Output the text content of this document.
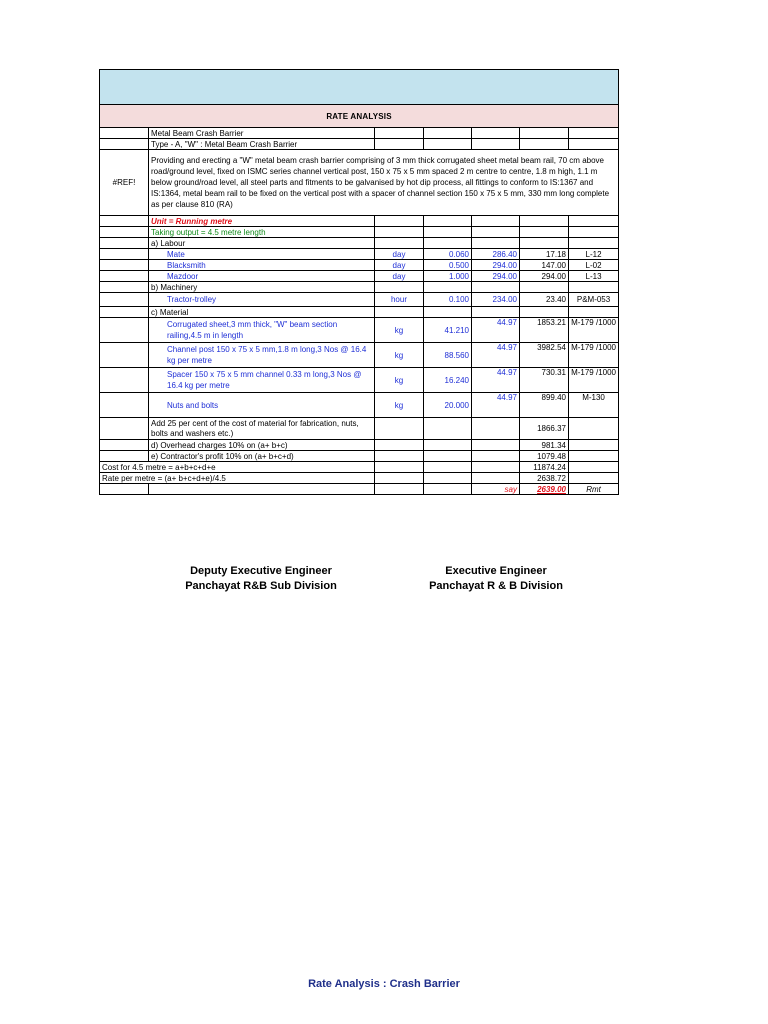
RATE ANALYSIS						
	Metal Beam Crash Barrier					
	Type - A, "W" : Metal Beam Crash Barrier					
#REF!	Providing and erecting a "W" metal beam crash barrier comprising of 3 mm thick corrugated sheet metal beam rail, 70 cm above road/ground level, fixed on ISMC series channel vertical post, 150 x 75 x 5 mm spaced 2 m centre to centre, 1.8 m high, 1.1 m below ground/road level, all steel parts and fitments to be galvanised by hot dip process, all fittings to conform to IS:1367 and IS:1364, metal beam rail to be fixed on the vertical post with a spacer of channel section 150 x 75 x 5 mm, 330 mm long complete as per clause 810 (RA)					
	Unit = Running metre					
	Taking output = 4.5 metre length					
	a) Labour					
	Mate	day	0.060	286.40	17.18	L-12
	Blacksmith	day	0.500	294.00	147.00	L-02
	Mazdoor	day	1.000	294.00	294.00	L-13
	b) Machinery					
	Tractor-trolley	hour	0.100	234.00	23.40	P&M-053
	c) Material					
	Corrugated sheet,3 mm thick, "W" beam section railing,4.5 m in length	kg	41.210	44.97	1853.21	M-179 /1000
	Channel post 150 x 75 x 5 mm,1.8 m long,3 Nos @ 16.4 kg per metre	kg	88.560	44.97	3982.54	M-179 /1000
	Spacer 150 x 75 x 5 mm channel 0.33 m long,3 Nos @ 16.4 kg per metre	kg	16.240	44.97	730.31	M-179 /1000
	Nuts and bolts	kg	20.000	44.97	899.40	M-130
	Add 25 per cent of the cost of material for fabrication, nuts, bolts and washers etc.)				1866.37	
	d) Overhead charges 10% on (a+ b+c)				981.34	
	e) Contractor's profit 10% on (a+ b+c+d)				1079.48	
Cost for 4.5 metre = a+b+c+d+e					11874.24	
Rate per metre = (a+ b+c+d+e)/4.5					2638.72	
				say	2639.00	Rmt
Deputy Executive Engineer
Panchayat R&B Sub Division
Executive Engineer
Panchayat R & B Division
Rate Analysis : Crash Barrier
